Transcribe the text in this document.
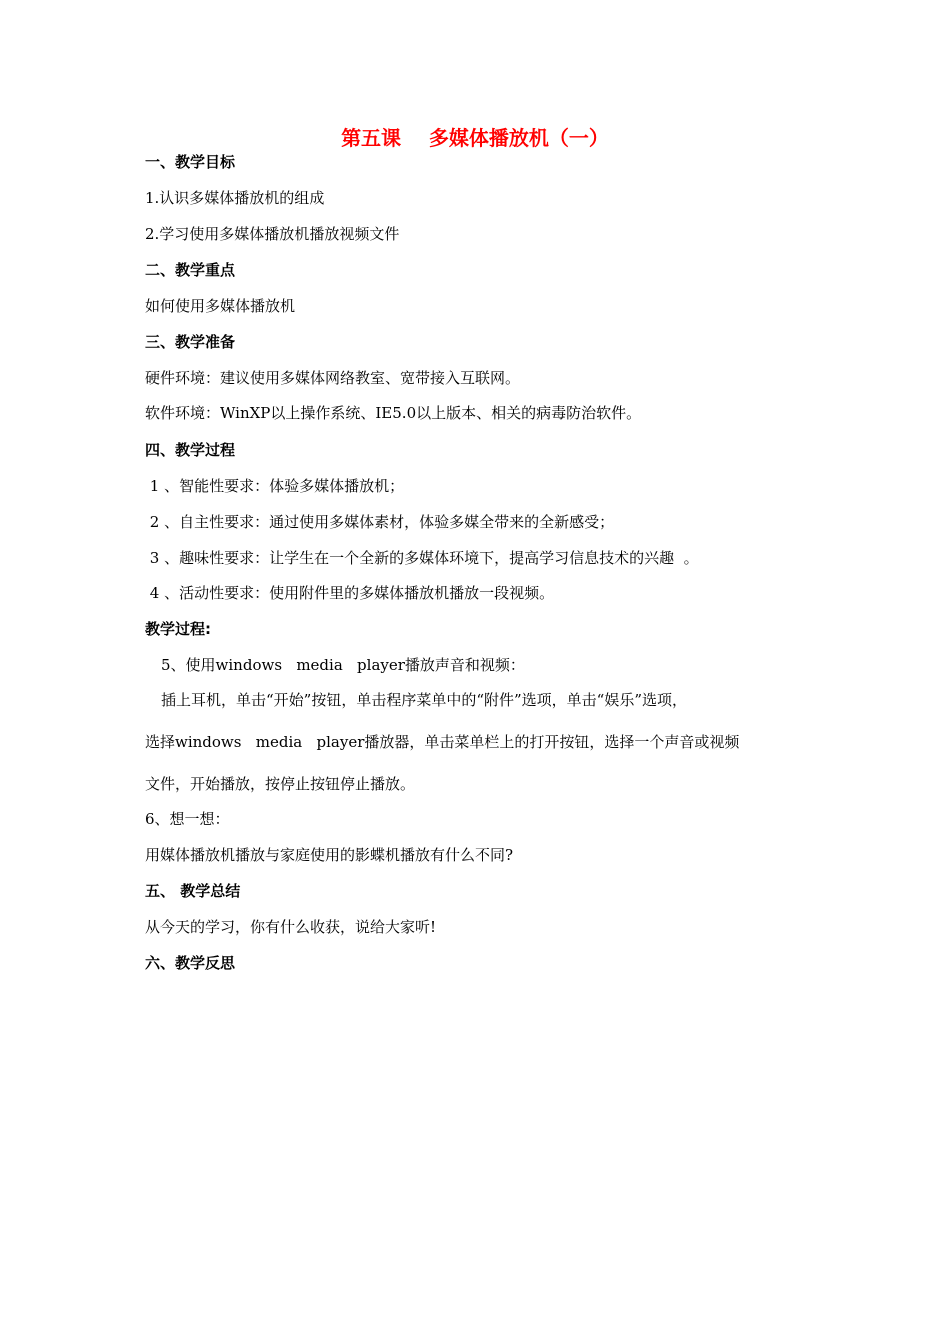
第五课    多媒体播放机（一）
一、教学目标
1.认识多媒体播放机的组成
2.学习使用多媒体播放机播放视频文件
二、教学重点
如何使用多媒体播放机
三、教学准备
硬件环境：建议使用多媒体网络教室、宽带接入互联网。
软件环境：WinXP以上操作系统、IE5.0以上版本、相关的病毒防治软件。
四、教学过程
1 、智能性要求：体验多媒体播放机；
2 、自主性要求：通过使用多媒体素材，体验多媒全带来的全新感受；
3 、趣味性要求：让学生在一个全新的多媒体环境下，提高学习信息技术的兴趣  。
4 、活动性要求：使用附件里的多媒体播放机播放一段视频。
教学过程:
5、使用windows   media   player播放声音和视频：
插上耳机，单击“开始”按钮，单击程序菜单中的“附件”选项，单击“娱乐”选项，
选择windows   media   player播放器，单击菜单栏上的打开按钮，选择一个声音或视频
文件，开始播放，按停止按钮停止播放。
6、想一想：
用媒体播放机播放与家庭使用的影蝶机播放有什么不同?
五、 教学总结
从今天的学习，你有什么收获，说给大家听!
六、教学反思
